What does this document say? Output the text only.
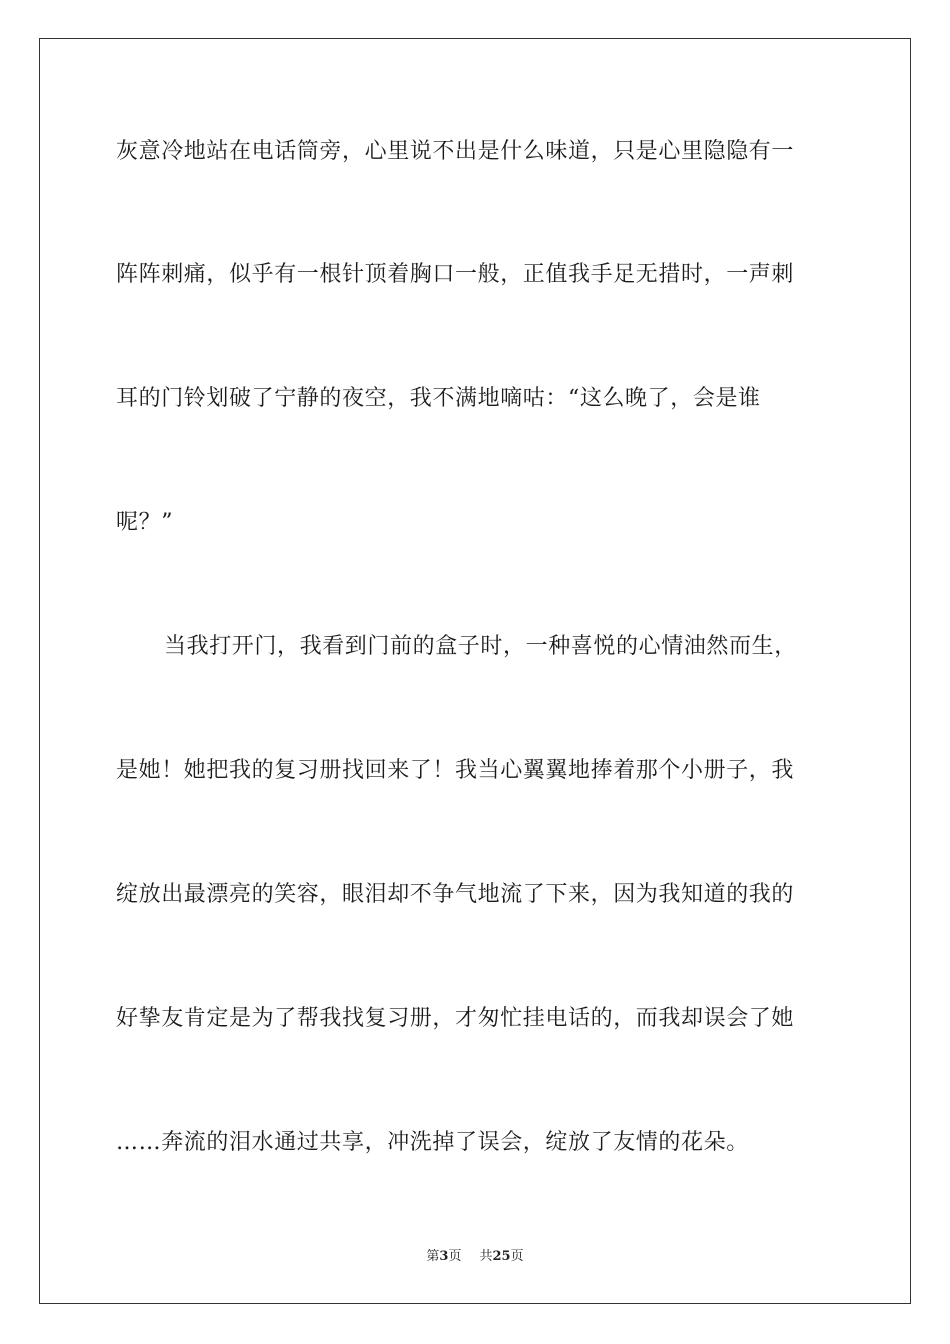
灰意冷地站在电话筒旁，心里说不出是什么味道，只是心里隐隐有一
阵阵刺痛，似乎有一根针顶着胸口一般，正值我手足无措时，一声刺
耳的门铃划破了宁静的夜空，我不满地嘀咕：“这么晚了，会是谁
呢？”
当我打开门，我看到门前的盒子时，一种喜悦的心情油然而生，
是她！她把我的复习册找回来了！我当心翼翼地捧着那个小册子，我
绽放出最漂亮的笑容，眼泪却不争气地流了下来，因为我知道的我的
好挚友肯定是为了帮我找复习册，才匆忙挂电话的，而我却误会了她
……奔流的泪水通过共享，冲洗掉了误会，绽放了友情的花朵。
第3页 共25页
